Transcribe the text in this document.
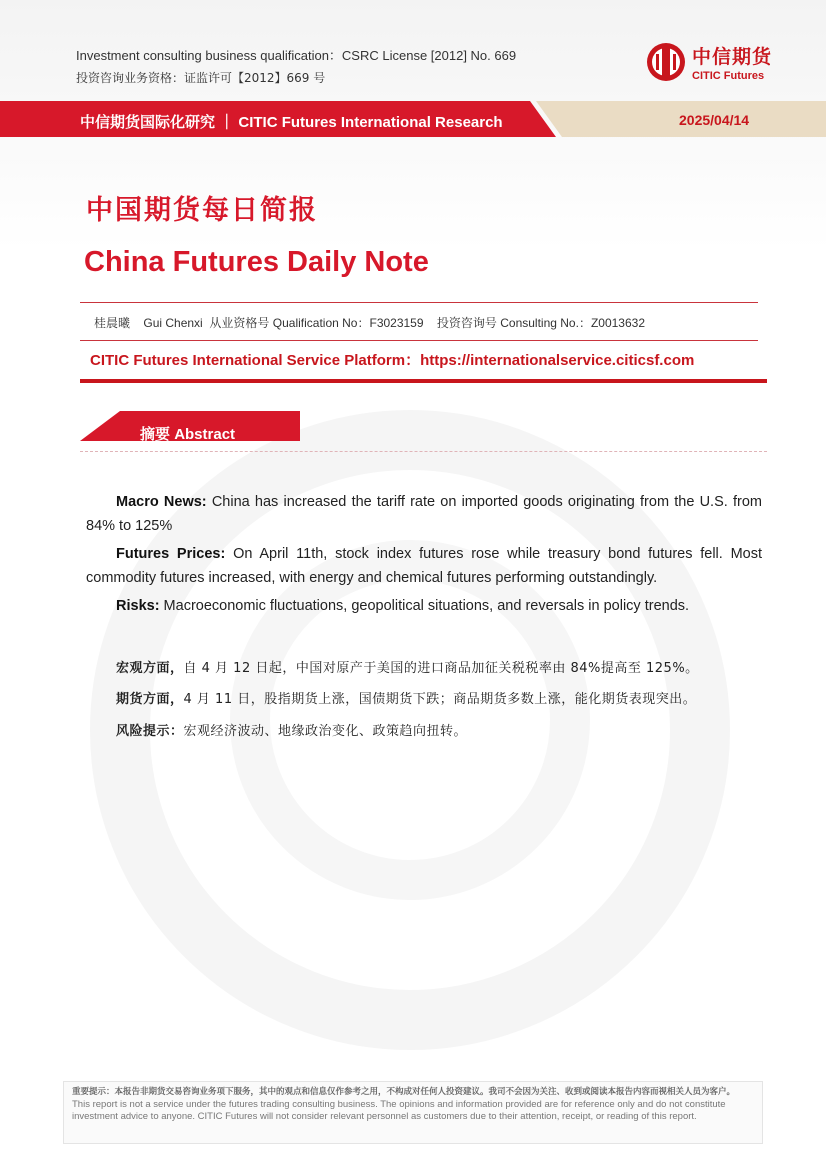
Investment consulting business qualification：CSRC License [2012] No. 669
投资咨询业务资格：证监许可【2012】669 号
中信期货
CITIC Futures
中信期货国际化研究 ｜ CITIC Futures International Research	2025/04/14
中国期货每日简报
China Futures Daily Note
桂晨曦 Gui Chenxi 从业资格号 Qualification No：F3023159 投资咨询号 Consulting No.：Z0013632
CITIC Futures International Service Platform：https://internationalservice.citicsf.com
摘要 Abstract
Macro News: China has increased the tariff rate on imported goods originating from the U.S. from 84% to 125%
Futures Prices: On April 11th, stock index futures rose while treasury bond futures fell. Most commodity futures increased, with energy and chemical futures performing outstandingly.
Risks: Macroeconomic fluctuations, geopolitical situations, and reversals in policy trends.
宏观方面，自 4 月 12 日起，中国对原产于美国的进口商品加征关税税率由 84%提高至 125%。
期货方面，4 月 11 日，股指期货上涨，国债期货下跌；商品期货多数上涨，能化期货表现突出。
风险提示：宏观经济波动、地缘政治变化、政策趋向扭转。
重要提示：本报告非期货交易咨询业务项下服务，其中的观点和信息仅作参考之用，不构成对任何人投资建议。我司不会因为关注、收到或阅读本报告内容而视相关人员为客户。 This report is not a service under the futures trading consulting business. The opinions and information provided are for reference only and do not constitute investment advice to anyone. CITIC Futures will not consider relevant personnel as customers due to their attention, receipt, or reading of this report.
